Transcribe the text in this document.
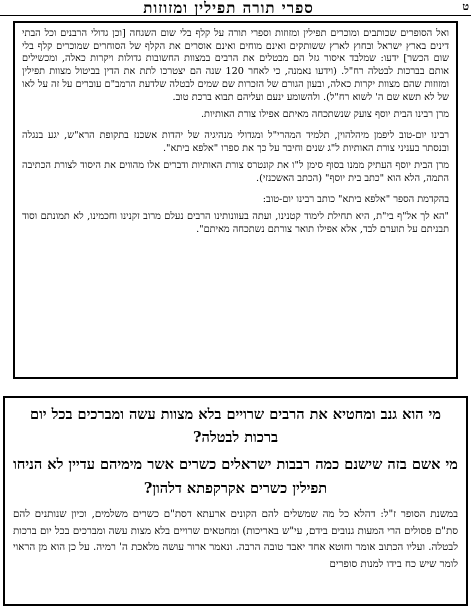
ספרי תורה תפילין ומזוזות	ט

ואל הסופרים שכותבים ומוכרים תפילין ומזוזות וספרי תורה על קלף בלי שום השגחה [וכן גדולי הרבנים וכל הבתי דינים בארץ ישראל ובחוץ לארץ ששותקים ואינם מוחים ואינם אוסרים את הקלף של הסוחרים שמוכרים קלף בלי שום הכשר] ידעו: שמלבד איסור גזל הם מבטלים את הרבים במצוות החשובות גדולות ויקרות כאלה, ומכשילים אותם בברכות לבטלה רח"ל. (וידעו נאמנה, כי לאחר 120 שנה הם יצטרכו לתת את הדין בביטול מצוות תפילין ומזוזות שהם מצוות יקרות כאלה, ובעון הגורם של הזכרות שם שמים לבטלה שלדעת הרמב"ם עוברים על זה על לאו של לא תשא שם ה' לשוא רח"ל). ולהשומע ינעם ועליהם תבוא ברכת טוב.

מרן רבינו הבית יוסף צועק שנשתכחה מאיתם אפילו צורת האותיות.

רבינו יום-טוב ליפמן מיהלהוין, תלמיד המהרי"ל ומגדולי מנהיגיה של יהדות אשכנז בתקופת הרא"ש, יגע בנגלה ובנסתר בעניני צורת האותיות ל"ג שנים וחיבר על כך את ספרו "אלפא ביתא".

מרן הבית יוסף העתיק ממנו בסוף סימן ל"ו את קונטרס צורת האותיות ודברים אלו מהווים את היסוד לצורת הכתיבה התמה, הלא הוא "כתב בית יוסף" (הכתב האשכנזי).

בהקדמת הספר "אלפא ביתא" כותב רבינו יום-טוב:

"הא לך אל"ף בי"ת, היא תחילת לימוד קטנינו, ועתה בעוונותינו הרבים נעלם מרוב זקנינו וחכמינו, לא תמונתם וסוד תבניתם על תוערם לבד, אלא אפילו תואר צורתם נשתכחה מאיתם".

מי הוא גנב ומחטיא את הרבים שרויים בלא מצוות עשה ומברכים בכל יום ברכות לבטלה?
מי אשם בזה שישנם כמה רבבות ישראלים כשרים אשר מימיהם עדיין לא הניחו תפילין כשרים אקרקפתא דלהון?
במשנת הסופר ז"ל: דהלא כל מה שמשלים להם הקונים ארעתא דסת"ם כשרים משלמים, וכיון שנותנים להם סת"ם פסולים הרי המעות גנובים בידם, עי"ש באריכות) ומחטאים שרויים בלא מצות עשה ומברכים בכל יום ברכות לבטלה. ועליו הכתוב אומר וחוטא אחד יאבד טובה הרבה. ונאמר ארור עושה מלאכת ה' רמיה. על כן הוא מן הראוי לומר שיש כח בידו למנות סופרים
